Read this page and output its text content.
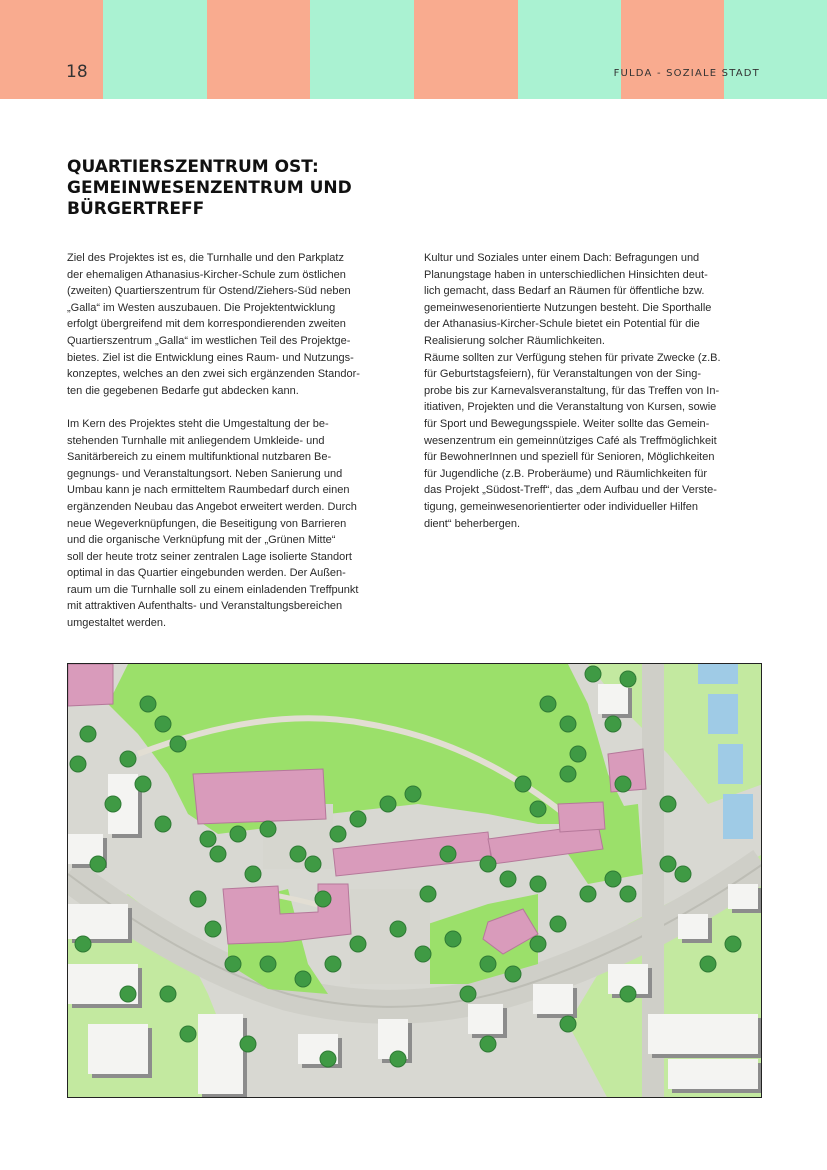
18	FULDA - SOZIALE STADT
QUARTIERSZENTRUM OST:
GEMEINWESENZENTRUM UND
BÜRGERTREFF

Ziel des Projektes ist es, die Turnhalle und den Parkplatz
der ehemaligen Athanasius-Kircher-Schule zum östlichen
(zweiten) Quartierszentrum für Ostend/Ziehers-Süd neben
„Galla“ im Westen auszubauen. Die Projektentwicklung
erfolgt übergreifend mit dem korrespondierenden zweiten
Quartierszentrum „Galla“ im westlichen Teil des Projektge-
bietes. Ziel ist die Entwicklung eines Raum- und Nutzungs-
konzeptes, welches an den zwei sich ergänzenden Standor-
ten die gegebenen Bedarfe gut abdecken kann.

Im Kern des Projektes steht die Umgestaltung der be-
stehenden Turnhalle mit anliegendem Umkleide- und
Sanitärbereich zu einem multifunktional nutzbaren Be-
gegnungs- und Veranstaltungsort. Neben Sanierung und
Umbau kann je nach ermitteltem Raumbedarf durch einen
ergänzenden Neubau das Angebot erweitert werden. Durch
neue Wegeverknüpfungen, die Beseitigung von Barrieren
und die organische Verknüpfung mit der „Grünen Mitte“
soll der heute trotz seiner zentralen Lage isolierte Standort
optimal in das Quartier eingebunden werden. Der Außen-
raum um die Turnhalle soll zu einem einladenden Treffpunkt
mit attraktiven Aufenthalts- und Veranstaltungsbereichen
umgestaltet werden.

Kultur und Soziales unter einem Dach: Befragungen und
Planungstage haben in unterschiedlichen Hinsichten deut-
lich gemacht, dass Bedarf an Räumen für öffentliche bzw.
gemeinwesenorientierte Nutzungen besteht. Die Sporthalle
der Athanasius-Kircher-Schule bietet ein Potential für die
Realisierung solcher Räumlichkeiten.
Räume sollten zur Verfügung stehen für private Zwecke (z.B.
für Geburtstagsfeiern), für Veranstaltungen von der Sing-
probe bis zur Karnevalsveranstaltung, für das Treffen von In-
itiativen, Projekten und die Veranstaltung von Kursen, sowie
für Sport und Bewegungsspiele. Weiter sollte das Gemein-
wesenzentrum ein gemeinnütziges Café als Treffmöglichkeit
für BewohnerInnen und speziell für Senioren, Möglichkeiten
für Jugendliche (z.B. Proberäume) und Räumlichkeiten für
das Projekt „Südost-Treff“, das „dem Aufbau und der Verste-
tigung, gemeinwesenorientierter oder individueller Hilfen
dient“ beherbergen.
